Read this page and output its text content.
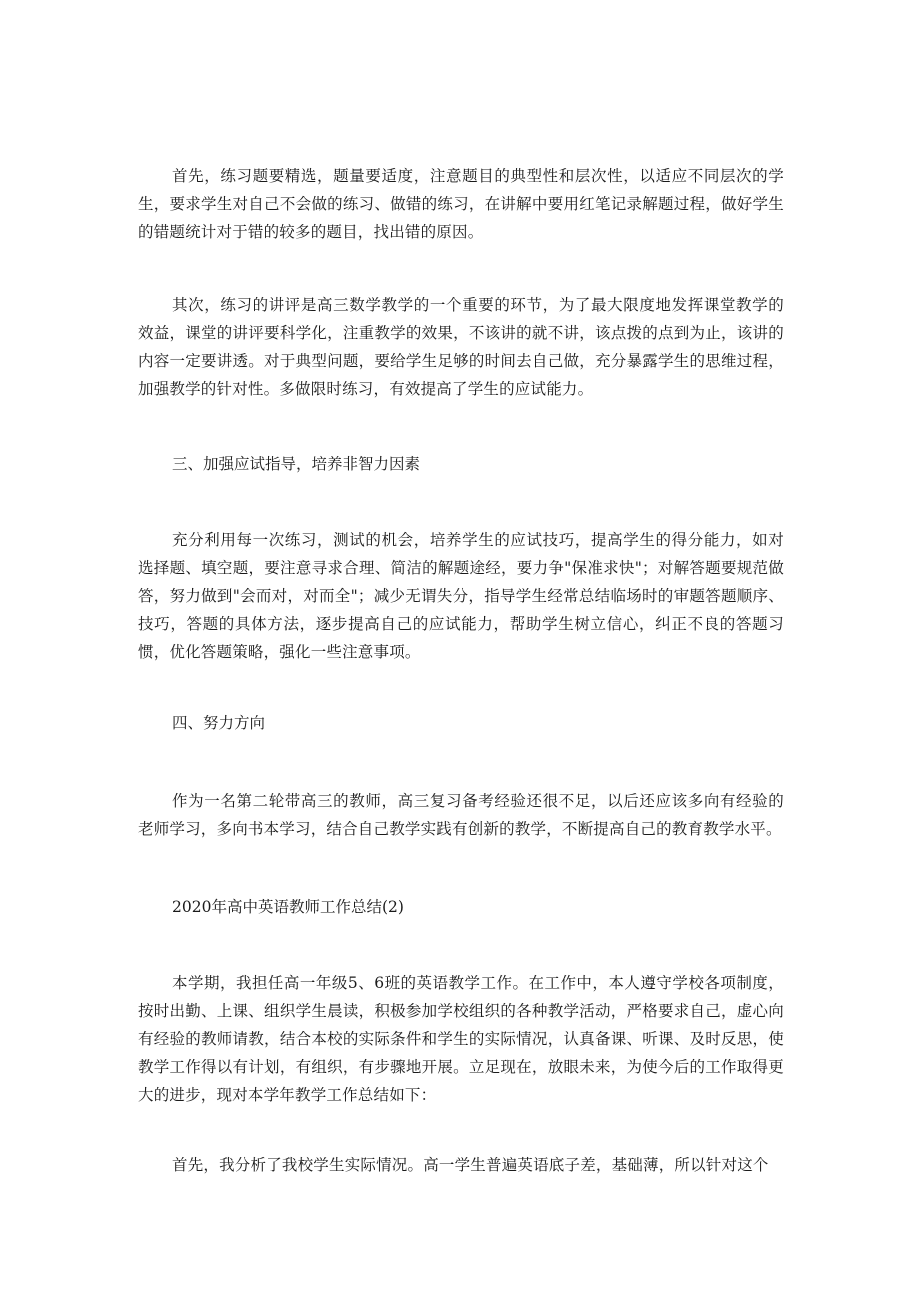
首先，练习题要精选，题量要适度，注意题目的典型性和层次性，以适应不同层次的学生，要求学生对自己不会做的练习、做错的练习，在讲解中要用红笔记录解题过程，做好学生的错题统计对于错的较多的题目，找出错的原因。

其次，练习的讲评是高三数学教学的一个重要的环节，为了最大限度地发挥课堂教学的效益，课堂的讲评要科学化，注重教学的效果，不该讲的就不讲，该点拨的点到为止，该讲的内容一定要讲透。对于典型问题，要给学生足够的时间去自己做，充分暴露学生的思维过程，加强教学的针对性。多做限时练习，有效提高了学生的应试能力。

三、加强应试指导，培养非智力因素

充分利用每一次练习，测试的机会，培养学生的应试技巧，提高学生的得分能力，如对选择题、填空题，要注意寻求合理、简洁的解题途经，要力争"保准求快"；对解答题要规范做答，努力做到"会而对，对而全"；减少无谓失分，指导学生经常总结临场时的审题答题顺序、技巧，答题的具体方法，逐步提高自己的应试能力，帮助学生树立信心，纠正不良的答题习惯，优化答题策略，强化一些注意事项。

四、努力方向

作为一名第二轮带高三的教师，高三复习备考经验还很不足，以后还应该多向有经验的老师学习，多向书本学习，结合自己教学实践有创新的教学，不断提高自己的教育教学水平。

2020年高中英语教师工作总结(2)

本学期，我担任高一年级5、6班的英语教学工作。在工作中，本人遵守学校各项制度，按时出勤、上课、组织学生晨读，积极参加学校组织的各种教学活动，严格要求自己，虚心向有经验的教师请教，结合本校的实际条件和学生的实际情况，认真备课、听课、及时反思，使教学工作得以有计划，有组织，有步骤地开展。立足现在，放眼未来，为使今后的工作取得更大的进步，现对本学年教学工作总结如下：

首先，我分析了我校学生实际情况。高一学生普遍英语底子差，基础薄，所以针对这个
